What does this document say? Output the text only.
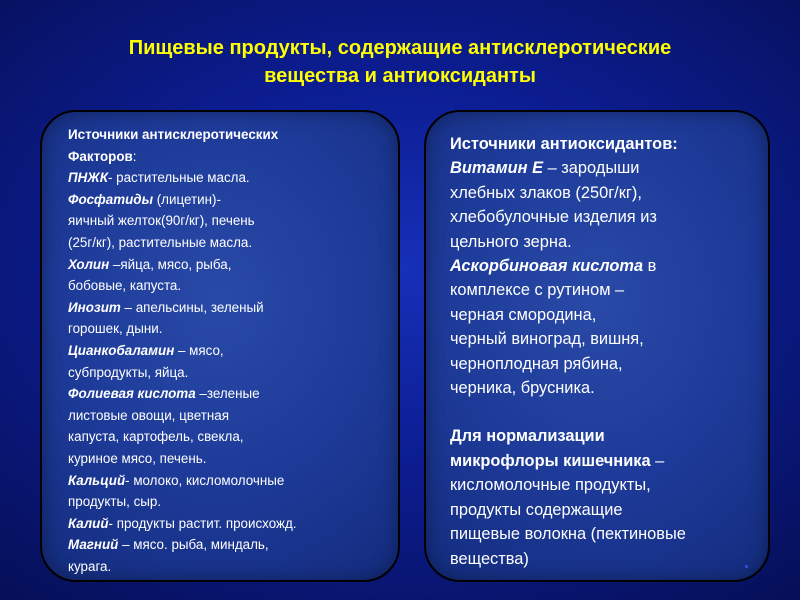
Пищевые продукты, содержащие антисклеротические
вещества и антиоксиданты
Источники антисклеротических
Факторов:
ПНЖК- растительные масла.
Фосфатиды (лицетин)-
яичный желток(90г/кг), печень
(25г/кг), растительные масла.
Холин –яйца, мясо, рыба,
бобовые, капуста.
Инозит – апельсины, зеленый
горошек, дыни.
Цианкобаламин – мясо,
субпродукты, яйца.
Фолиевая кислота –зеленые
листовые овощи, цветная
капуста, картофель, свекла,
куриное мясо, печень.
Кальций- молоко, кисломолочные
продукты, сыр.
Калий- продукты растит. происхожд.
Магний – мясо. рыба, миндаль,
курага.
Источники антиоксидантов:
Витамин Е – зародыши
хлебных злаков (250г/кг),
хлебобулочные изделия из
цельного зерна.
Аскорбиновая кислота в
комплексе с рутином –
черная смородина,
черный виноград, вишня,
черноплодная рябина,
черника, брусника.
Для нормализации
микрофлоры кишечника –
кисломолочные продукты,
продукты содержащие
пищевые волокна (пектиновые
вещества)
